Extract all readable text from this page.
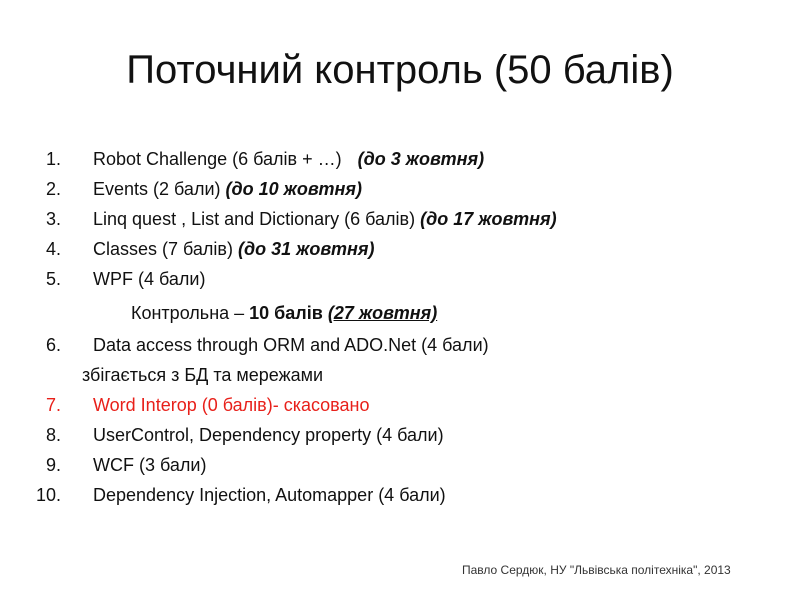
Поточний контроль (50 балів)
1. Robot Challenge (6 балів + …) (до 3 жовтня)
2. Events (2 бали) (до 10 жовтня)
3. Linq quest , List and Dictionary (6 балів) (до 17 жовтня)
4. Classes (7 балів) (до 31 жовтня)
5. WPF (4 бали)
Контрольна – 10 балів (27 жовтня)
6. Data access through ORM and ADO.Net (4 бали)
збігається з БД та мережами
7. Word Interop (0 балів)- скасовано
8. UserControl, Dependency property (4 бали)
9. WCF (3 бали)
10. Dependency Injection, Automapper (4 бали)
Павло Сердюк, НУ "Львівська політехніка", 2013
